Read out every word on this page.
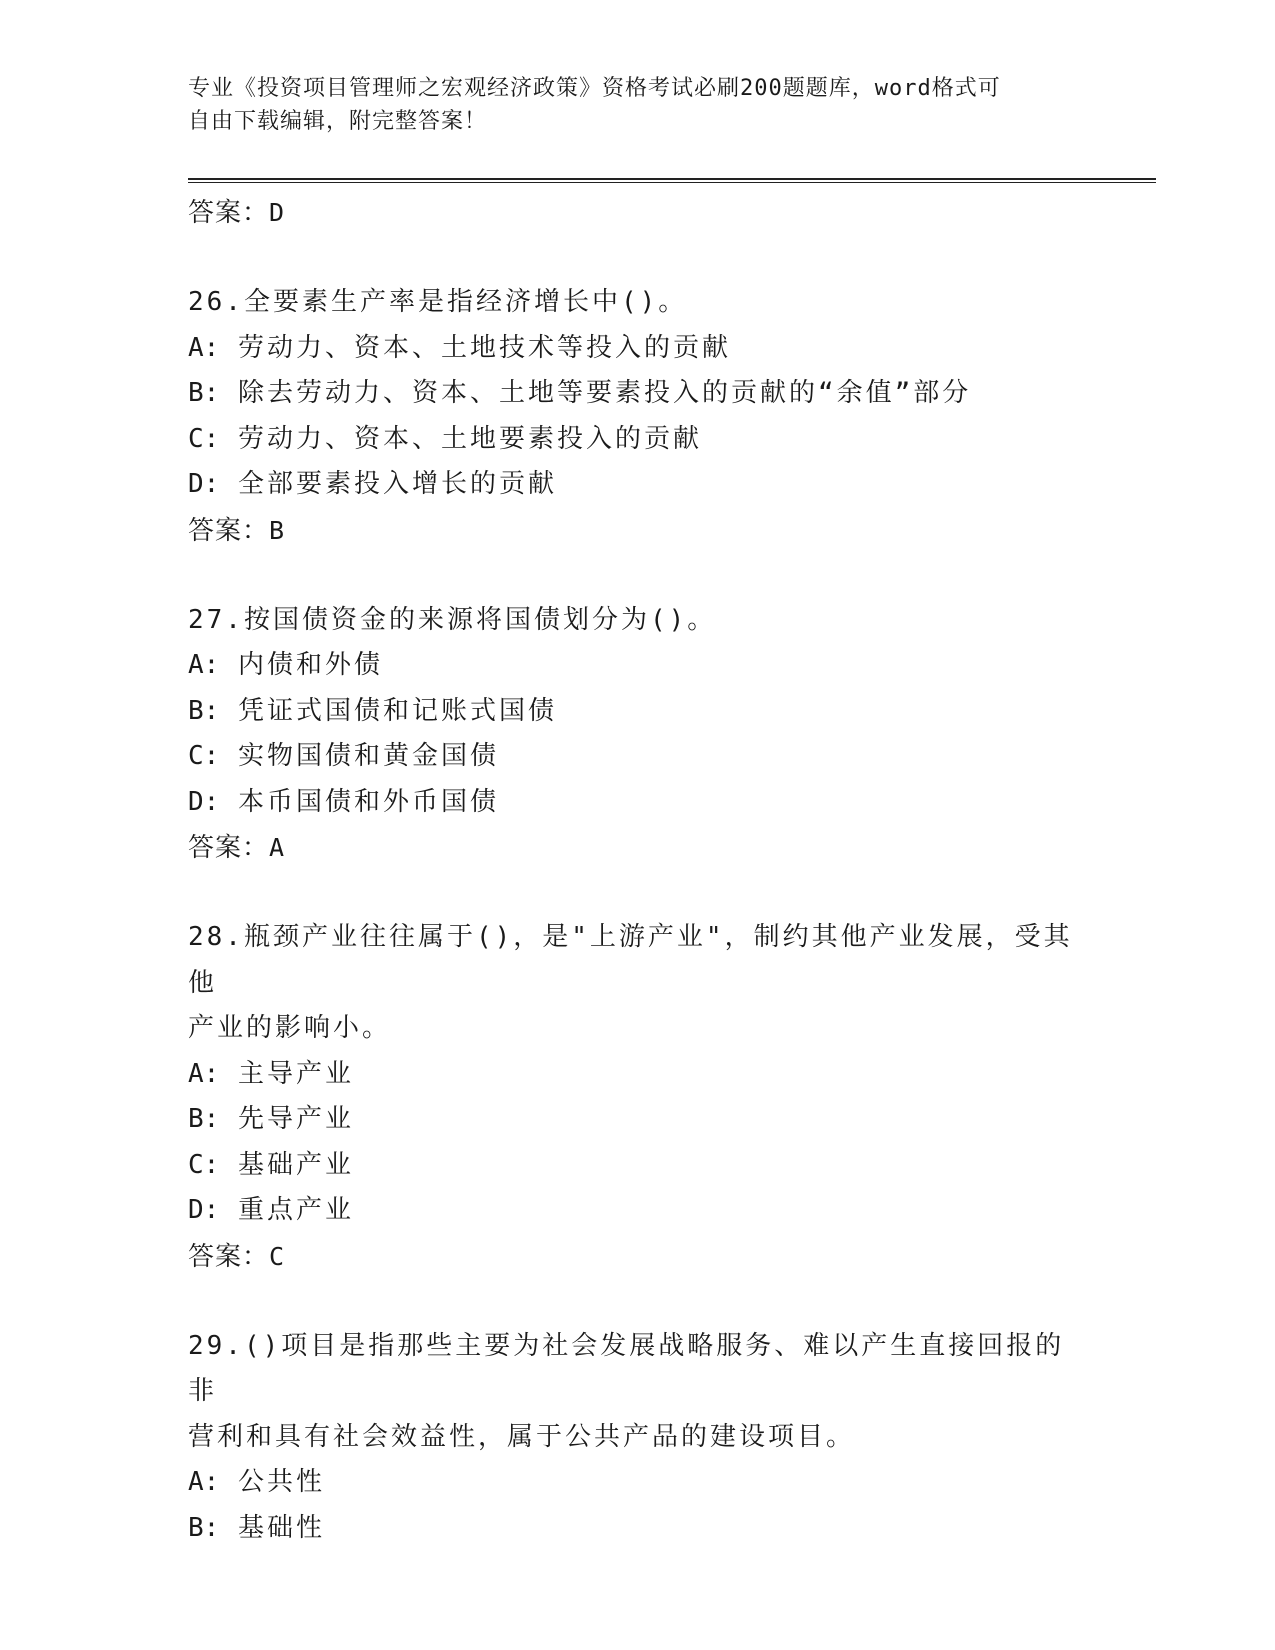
专业《投资项目管理师之宏观经济政策》资格考试必刷200题题库，word格式可
自由下载编辑，附完整答案！
答案：D
26.全要素生产率是指经济增长中()。
A: 劳动力、资本、土地技术等投入的贡献
B: 除去劳动力、资本、土地等要素投入的贡献的“余值”部分
C: 劳动力、资本、土地要素投入的贡献
D: 全部要素投入增长的贡献
答案：B
27.按国债资金的来源将国债划分为()。
A: 内债和外债
B: 凭证式国债和记账式国债
C: 实物国债和黄金国债
D: 本币国债和外币国债
答案：A
28.瓶颈产业往往属于()，是"上游产业"，制约其他产业发展，受其他
产业的影响小。
A: 主导产业
B: 先导产业
C: 基础产业
D: 重点产业
答案：C
29.()项目是指那些主要为社会发展战略服务、难以产生直接回报的非
营利和具有社会效益性，属于公共产品的建设项目。
A: 公共性
B: 基础性
